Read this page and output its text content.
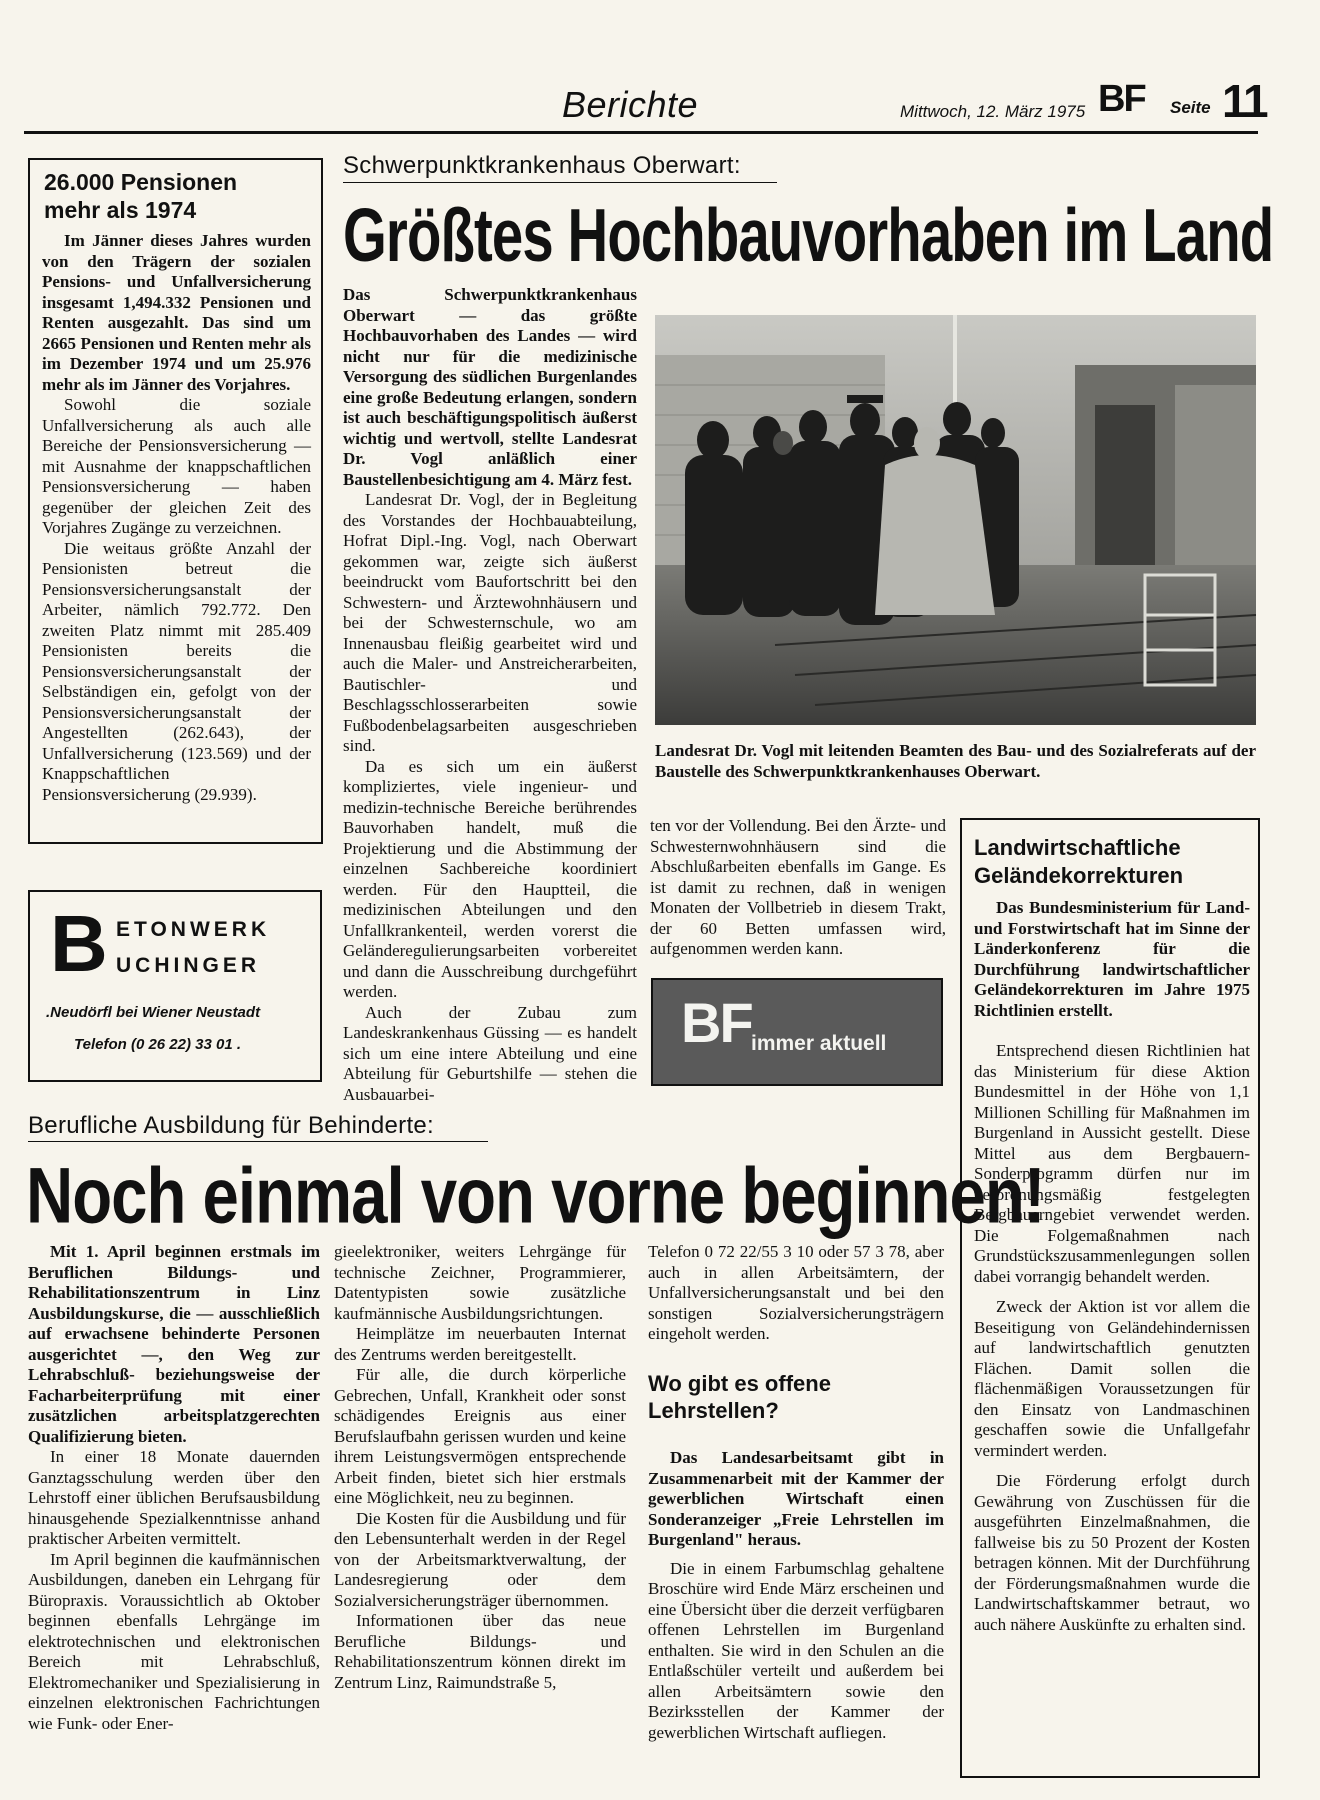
Berichte	Mittwoch, 12. März 1975 BF Seite 11
26.000 Pensionen mehr als 1974

Im Jänner dieses Jahres wurden von den Trägern der sozialen Pensions- und Unfallversicherung insgesamt 1,494.332 Pensionen und Renten ausgezahlt. Das sind um 2665 Pensionen und Renten mehr als im Dezember 1974 und um 25.976 mehr als im Jänner des Vorjahres.

Sowohl die soziale Unfallversicherung als auch alle Bereiche der Pensionsversicherung — mit Ausnahme der knappschaftlichen Pensionsversicherung — haben gegenüber der gleichen Zeit des Vorjahres Zugänge zu verzeichnen.

Die weitaus größte Anzahl der Pensionisten betreut die Pensionsversicherungsanstalt der Arbeiter, nämlich 792.772. Den zweiten Platz nimmt mit 285.409 Pensionisten bereits die Pensionsversicherungsanstalt der Selbständigen ein, gefolgt von der Pensionsversicherungsanstalt der Angestellten (262.643), der Unfallversicherung (123.569) und der Knappschaftlichen Pensionsversicherung (29.939).

B ETONWERK
UCHINGER
.Neudörfl bei Wiener Neustadt
Telefon (0 26 22) 33 01 .
Schwerpunktkrankenhaus Oberwart:
Größtes Hochbauvorhaben im Land

Das Schwerpunktkrankenhaus Oberwart — das größte Hochbauvorhaben des Landes — wird nicht nur für die medizinische Versorgung des südlichen Burgenlandes eine große Bedeutung erlangen, sondern ist auch beschäftigungspolitisch äußerst wichtig und wertvoll, stellte Landesrat Dr. Vogl anläßlich einer Baustellenbesichtigung am 4. März fest.

Landesrat Dr. Vogl, der in Begleitung des Vorstandes der Hochbauabteilung, Hofrat Dipl.-Ing. Vogl, nach Oberwart gekommen war, zeigte sich äußerst beeindruckt vom Baufortschritt bei den Schwestern- und Ärztewohnhäusern und bei der Schwesternschule, wo am Innenausbau fleißig gearbeitet wird und auch die Maler- und Anstreicherarbeiten, Bautischler- und Beschlagsschlosserarbeiten sowie Fußbodenbelagsarbeiten ausgeschrieben sind.

Da es sich um ein äußerst kompliziertes, viele ingenieur- und medizin-technische Bereiche berührendes Bauvorhaben handelt, muß die Projektierung und die Abstimmung der einzelnen Sachbereiche koordiniert werden. Für den Hauptteil, die medizinischen Abteilungen und den Unfallkrankenteil, werden vorerst die Geländeregulierungsarbeiten vorbereitet und dann die Ausschreibung durchgeführt werden.

Auch der Zubau zum Landeskrankenhaus Güssing — es handelt sich um eine intere Abteilung und eine Abteilung für Geburtshilfe — stehen die Ausbauarbei-

Landesrat Dr. Vogl mit leitenden Beamten des Bau- und des Sozialreferats auf der Baustelle des Schwerpunktkrankenhauses Oberwart.

ten vor der Vollendung. Bei den Ärzte- und Schwesternwohnhäusern sind die Abschlußarbeiten ebenfalls im Gange. Es ist damit zu rechnen, daß in wenigen Monaten der Vollbetrieb in diesem Trakt, der 60 Betten umfassen wird, aufgenommen werden kann.

BF immer aktuell
Landwirtschaftliche Geländekorrekturen

Das Bundesministerium für Land- und Forstwirtschaft hat im Sinne der Länderkonferenz für die Durchführung landwirtschaftlicher Geländekorrekturen im Jahre 1975 Richtlinien erstellt.

Entsprechend diesen Richtlinien hat das Ministerium für diese Aktion Bundesmittel in der Höhe von 1,1 Millionen Schilling für Maßnahmen im Burgenland in Aussicht gestellt. Diese Mittel aus dem Bergbauern-Sonderprogramm dürfen nur im verordnungsmäßig festgelegten Bergbauerngebiet verwendet werden. Die Folgemaßnahmen nach Grundstückszusammenlegungen sollen dabei vorrangig behandelt werden.

Zweck der Aktion ist vor allem die Beseitigung von Geländehindernissen auf landwirtschaftlich genutzten Flächen. Damit sollen die flächenmäßigen Voraussetzungen für den Einsatz von Landmaschinen geschaffen sowie die Unfallgefahr vermindert werden.

Die Förderung erfolgt durch Gewährung von Zuschüssen für die ausgeführten Einzelmaßnahmen, die fallweise bis zu 50 Prozent der Kosten betragen können. Mit der Durchführung der Förderungsmaßnahmen wurde die Landwirtschaftskammer betraut, wo auch nähere Auskünfte zu erhalten sind.

Berufliche Ausbildung für Behinderte:
Noch einmal von vorne beginnen!

Mit 1. April beginnen erstmals im Beruflichen Bildungs- und Rehabilitationszentrum in Linz Ausbildungskurse, die — ausschließlich auf erwachsene behinderte Personen ausgerichtet —, den Weg zur Lehrabschluß- beziehungsweise der Facharbeiterprüfung mit einer zusätzlichen arbeitsplatzgerechten Qualifizierung bieten.

In einer 18 Monate dauernden Ganztagsschulung werden über den Lehrstoff einer üblichen Berufsausbildung hinausgehende Spezialkenntnisse anhand praktischer Arbeiten vermittelt.

Im April beginnen die kaufmännischen Ausbildungen, daneben ein Lehrgang für Büropraxis. Voraussichtlich ab Oktober beginnen ebenfalls Lehrgänge im elektrotechnischen und elektronischen Bereich mit Lehrabschluß, Elektromechaniker und Spezialisierung in einzelnen elektronischen Fachrichtungen wie Funk- oder Ener-

gieelektroniker, weiters Lehrgänge für technische Zeichner, Programmierer, Datentypisten sowie zusätzliche kaufmännische Ausbildungsrichtungen.

Heimplätze im neuerbauten Internat des Zentrums werden bereitgestellt.

Für alle, die durch körperliche Gebrechen, Unfall, Krankheit oder sonst schädigendes Ereignis aus einer Berufslaufbahn gerissen wurden und keine ihrem Leistungsvermögen entsprechende Arbeit finden, bietet sich hier erstmals eine Möglichkeit, neu zu beginnen.

Die Kosten für die Ausbildung und für den Lebensunterhalt werden in der Regel von der Arbeitsmarktverwaltung, der Landesregierung oder dem Sozialversicherungsträger übernommen.

Informationen über das neue Berufliche Bildungs- und Rehabilitationszentrum können direkt im Zentrum Linz, Raimundstraße 5,

Telefon 0 72 22/55 3 10 oder 57 3 78, aber auch in allen Arbeitsämtern, der Unfallversicherungsanstalt und bei den sonstigen Sozialversicherungsträgern eingeholt werden.

Wo gibt es offene Lehrstellen?

Das Landesarbeitsamt gibt in Zusammenarbeit mit der Kammer der gewerblichen Wirtschaft einen Sonderanzeiger „Freie Lehrstellen im Burgenland" heraus.

Die in einem Farbumschlag gehaltene Broschüre wird Ende März erscheinen und eine Übersicht über die derzeit verfügbaren offenen Lehrstellen im Burgenland enthalten. Sie wird in den Schulen an die Entlaßschüler verteilt und außerdem bei allen Arbeitsämtern sowie den Bezirksstellen der Kammer der gewerblichen Wirtschaft aufliegen.
